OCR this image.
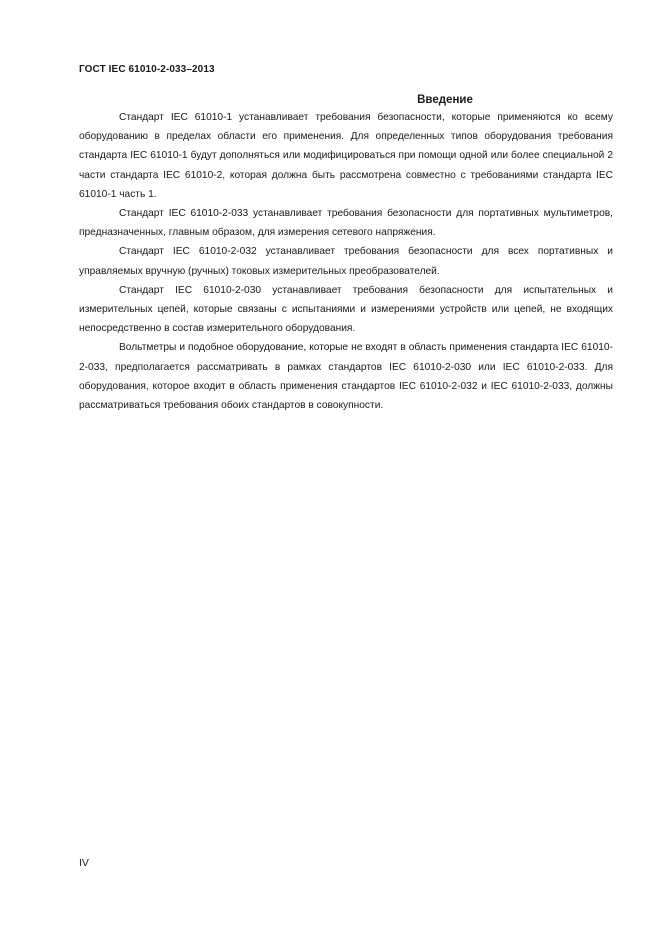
ГОСТ IEC 61010-2-033–2013
Введение

Стандарт IEC 61010-1 устанавливает требования безопасности, которые применяются ко всему оборудованию в пределах области его применения. Для определенных типов оборудования требования стандарта IEC 61010-1 будут дополняться или модифицироваться при помощи одной или более специальной 2 части стандарта IEC 61010-2, которая должна быть рассмотрена совместно с требованиями стандарта IEC 61010-1 часть 1.

Стандарт IEC 61010-2-033 устанавливает требования безопасности для портативных мультиметров, предназначенных, главным образом, для измерения сетевого напряжения.

Стандарт IEC 61010-2-032 устанавливает требования безопасности для всех портативных и управляемых вручную (ручных) токовых измерительных преобразователей.

Стандарт IEC 61010-2-030 устанавливает требования безопасности для испытательных и измерительных цепей, которые связаны с испытаниями и измерениями устройств или цепей, не входящих непосредственно в состав измерительного оборудования.

Вольтметры и подобное оборудование, которые не входят в область применения стандарта IEC 61010-2-033, предполагается рассматривать в рамках стандартов IEC 61010-2-030 или IEC 61010-2-033. Для оборудования, которое входит в область применения стандартов IEC 61010-2-032 и IEC 61010-2-033, должны рассматриваться требования обоих стандартов в совокупности.

IV
